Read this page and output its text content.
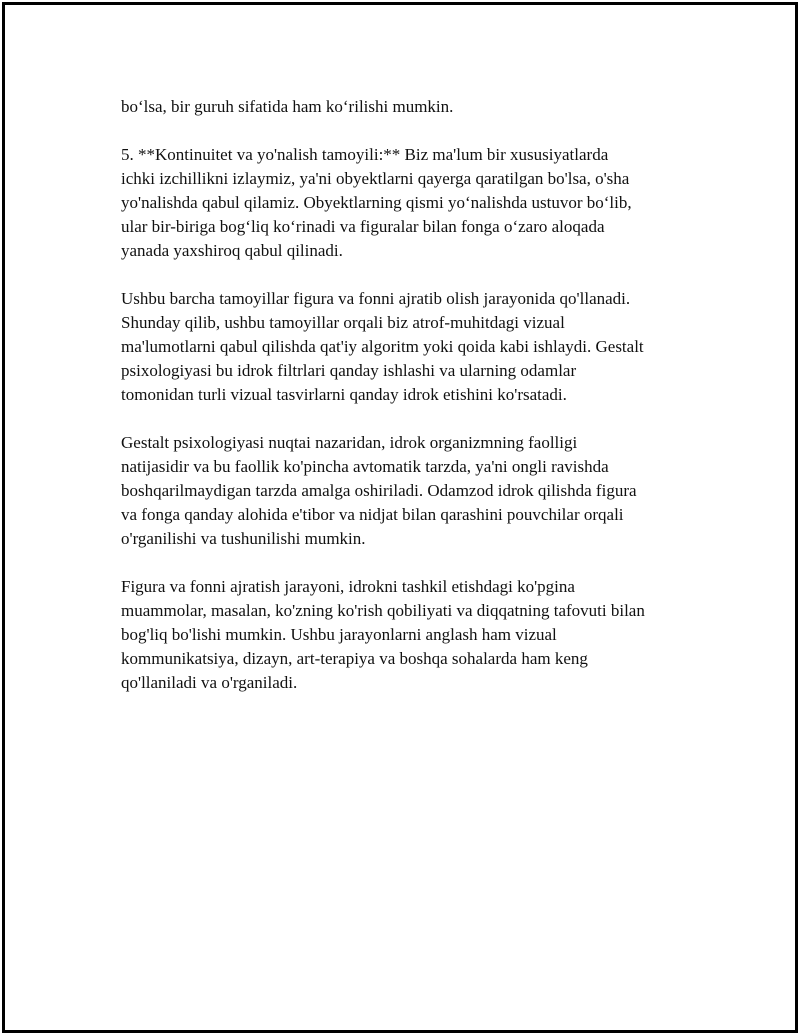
bo‘lsa, bir guruh sifatida ham ko‘rilishi mumkin.

5. **Kontinuitet va yo'nalish tamoyili:** Biz ma'lum bir xususiyatlarda
ichki izchillikni izlaymiz, ya'ni obyektlarni qayerga qaratilgan bo'lsa, o'sha
yo'nalishda qabul qilamiz. Obyektlarning qismi yo‘nalishda ustuvor bo‘lib,
ular bir-biriga bog‘liq ko‘rinadi va figuralar bilan fonga o‘zaro aloqada
yanada yaxshiroq qabul qilinadi.

Ushbu barcha tamoyillar figura va fonni ajratib olish jarayonida qo'llanadi.
Shunday qilib, ushbu tamoyillar orqali biz atrof-muhitdagi vizual
ma'lumotlarni qabul qilishda qat'iy algoritm yoki qoida kabi ishlaydi. Gestalt
psixologiyasi bu idrok filtrlari qanday ishlashi va ularning odamlar
tomonidan turli vizual tasvirlarni qanday idrok etishini ko'rsatadi.

Gestalt psixologiyasi nuqtai nazaridan, idrok organizmning faolligi
natijasidir va bu faollik ko'pincha avtomatik tarzda, ya'ni ongli ravishda
boshqarilmaydigan tarzda amalga oshiriladi. Odamzod idrok qilishda figura
va fonga qanday alohida e'tibor va nidjat bilan qarashini pouvchilar orqali
o'rganilishi va tushunilishi mumkin.

Figura va fonni ajratish jarayoni, idrokni tashkil etishdagi ko'pgina
muammolar, masalan, ko'zning ko'rish qobiliyati va diqqatning tafovuti bilan
bog'liq bo'lishi mumkin. Ushbu jarayonlarni anglash ham vizual
kommunikatsiya, dizayn, art-terapiya va boshqa sohalarda ham keng
qo'llaniladi va o'rganiladi.
